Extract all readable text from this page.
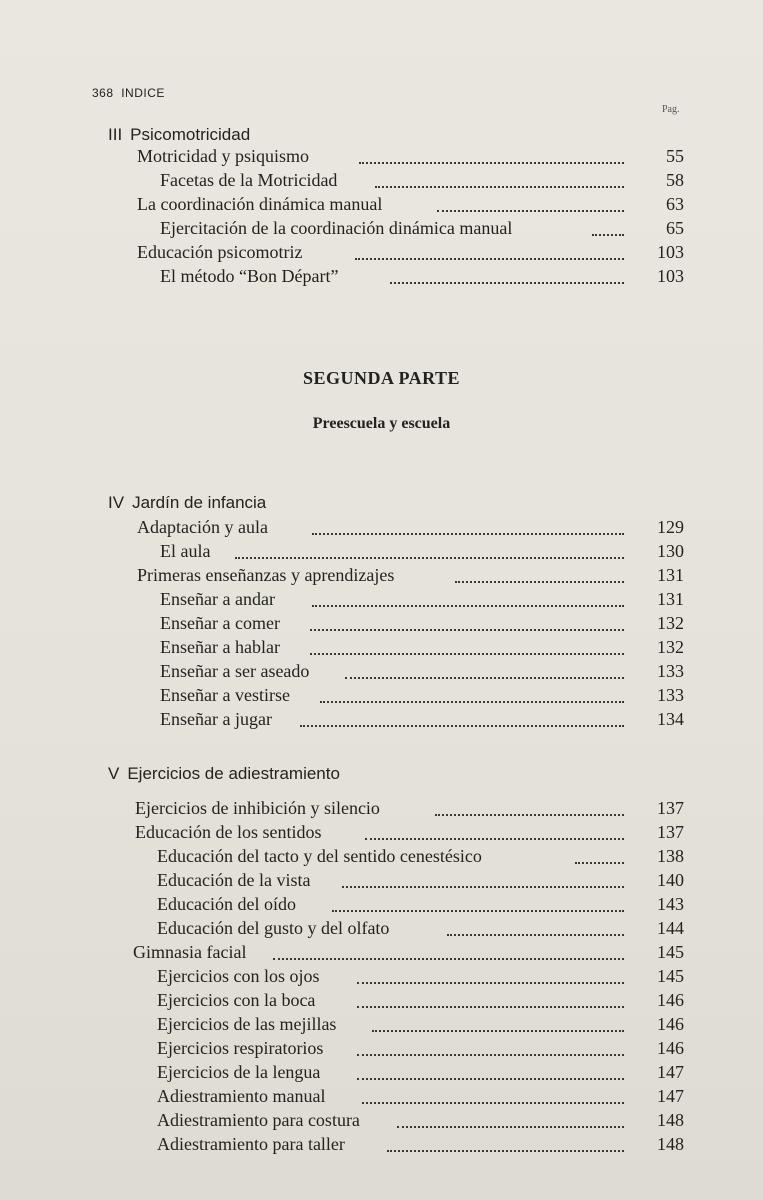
368 INDICE
Pag.
III Psicomotricidad
Motricidad y psiquismo	55
Facetas de la Motricidad	58
La coordinación dinámica manual	63
Ejercitación de la coordinación dinámica manual	65
Educación psicomotriz	103
El método “Bon Départ”	103
SEGUNDA PARTE
Preescuela y escuela
IV Jardín de infancia
Adaptación y aula	129
El aula	130
Primeras enseñanzas y aprendizajes	131
Enseñar a andar	131
Enseñar a comer	132
Enseñar a hablar	132
Enseñar a ser aseado	133
Enseñar a vestirse	133
Enseñar a jugar	134
V Ejercicios de adiestramiento
Ejercicios de inhibición y silencio	137
Educación de los sentidos	137
Educación del tacto y del sentido cenestésico	138
Educación de la vista	140
Educación del oído	143
Educación del gusto y del olfato	144
Gimnasia facial	145
Ejercicios con los ojos	145
Ejercicios con la boca	146
Ejercicios de las mejillas	146
Ejercicios respiratorios	146
Ejercicios de la lengua	147
Adiestramiento manual	147
Adiestramiento para costura	148
Adiestramiento para taller	148
